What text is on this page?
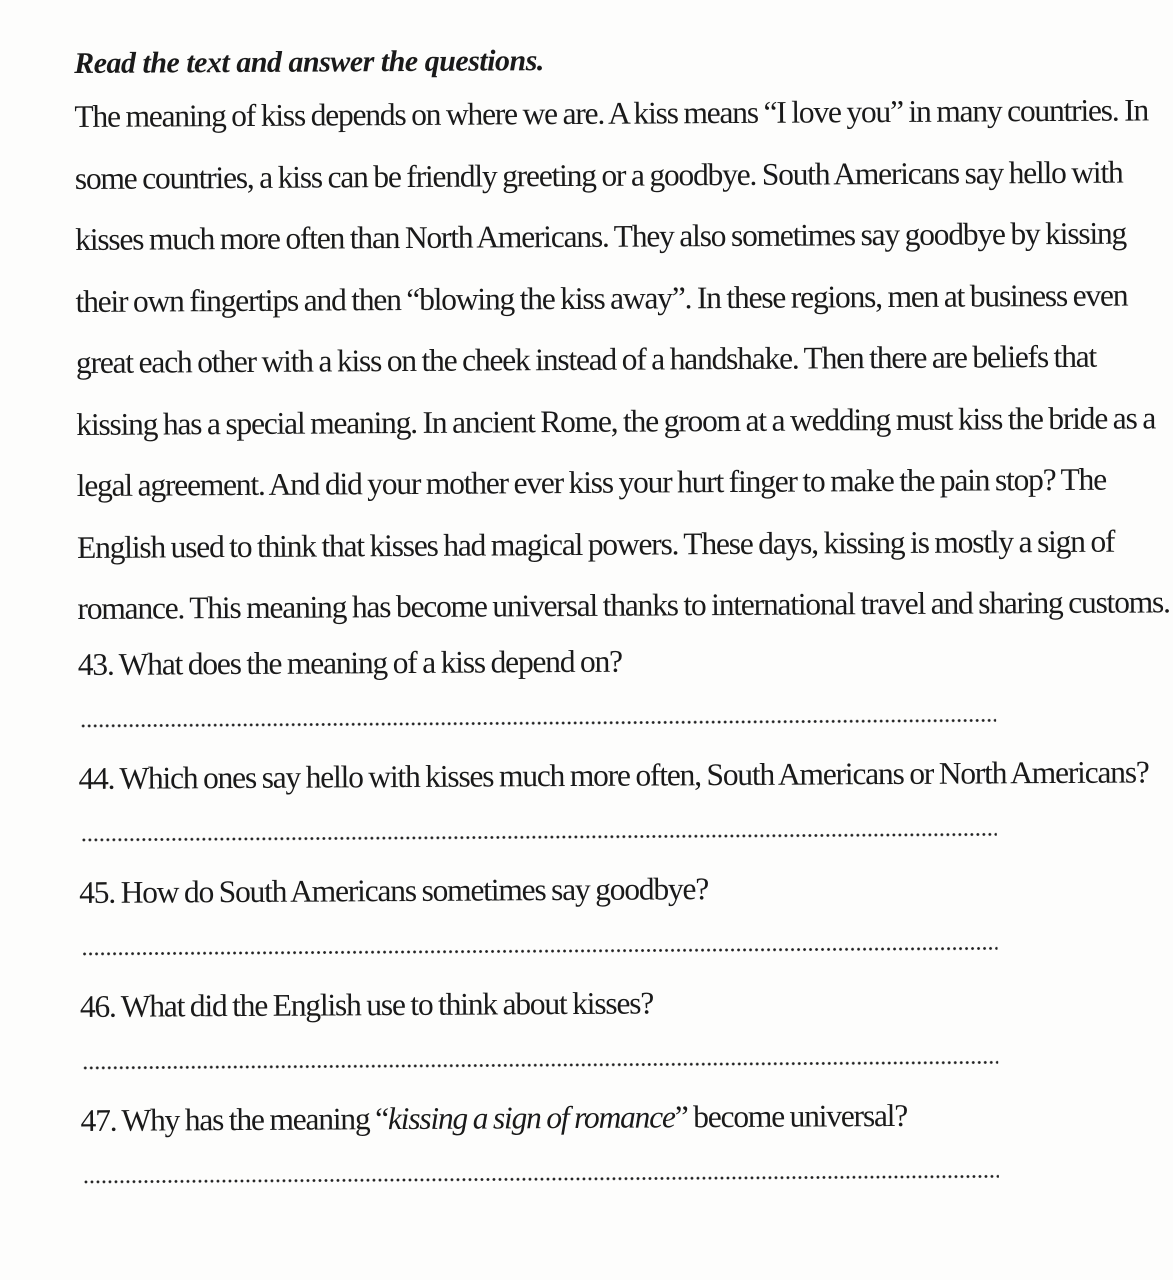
Read the text and answer the questions.

The meaning of kiss depends on where we are. A kiss means “I love you” in many countries. In
some countries, a kiss can be friendly greeting or a goodbye. South Americans say hello with
kisses much more often than North Americans. They also sometimes say goodbye by kissing
their own fingertips and then “blowing the kiss away”. In these regions, men at business even
great each other with a kiss on the cheek instead of a handshake. Then there are beliefs that
kissing has a special meaning. In ancient Rome, the groom at a wedding must kiss the bride as a
legal agreement. And did your mother ever kiss your hurt finger to make the pain stop? The
English used to think that kisses had magical powers. These days, kissing is mostly a sign of
romance. This meaning has become universal thanks to international travel and sharing customs.

43. What does the meaning of a kiss depend on?
44. Which ones say hello with kisses much more often, South Americans or North Americans?
45. How do South Americans sometimes say goodbye?
46. What did the English use to think about kisses?
47. Why has the meaning “kissing a sign of romance” become universal?
